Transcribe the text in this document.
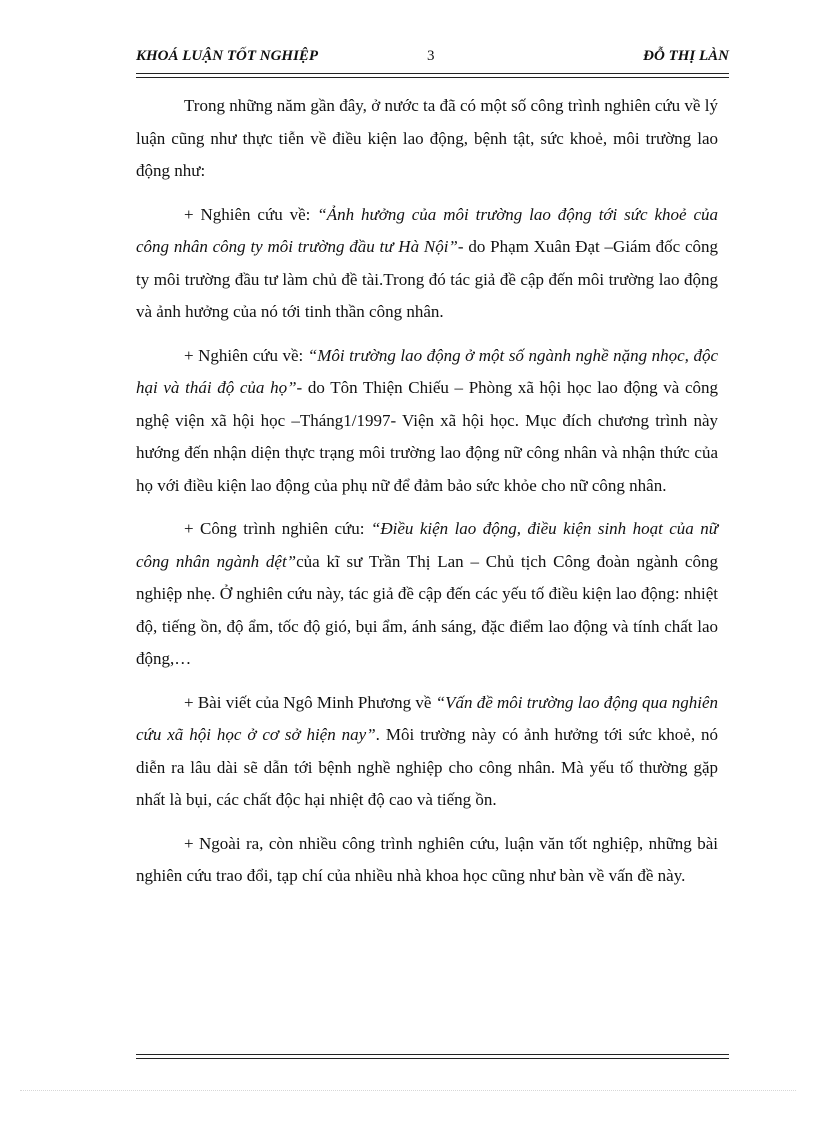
KHOÁ LUẬN TỐT NGHIỆP	3	ĐỖ THỊ LÀN

Trong những năm gần đây, ở nước ta đã có một số công trình nghiên cứu về lý luận cũng như thực tiễn về điều kiện lao động, bệnh tật, sức khoẻ, môi trường lao động như:

+ Nghiên cứu về: “Ảnh hưởng của môi trường lao động tới sức khoẻ của công nhân công ty môi trường đầu tư Hà Nội”- do Phạm Xuân Đạt –Giám đốc công ty môi trường đầu tư làm chủ đề tài.Trong đó tác giả đề cập đến môi trường lao động và ảnh hưởng của nó tới tinh thần công nhân.

+ Nghiên cứu về: “Môi trường lao động ở một số ngành nghề nặng nhọc, độc hại và thái độ của họ”- do Tôn Thiện Chiếu – Phòng xã hội học lao động và công nghệ viện xã hội học –Tháng1/1997- Viện xã hội học. Mục đích chương trình này hướng đến nhận diện thực trạng môi trường lao động nữ công nhân và nhận thức của họ với điều kiện lao động của phụ nữ để đảm bảo sức khỏe cho nữ công nhân.

+ Công trình nghiên cứu: “Điều kiện lao động, điều kiện sinh hoạt của nữ công nhân ngành dệt”của kĩ sư Trần Thị Lan – Chủ tịch Công đoàn ngành công nghiệp nhẹ. Ở nghiên cứu này, tác giả đề cập đến các yếu tố điều kiện lao động: nhiệt độ, tiếng ồn, độ ẩm, tốc độ gió, bụi ẩm, ánh sáng, đặc điểm lao động và tính chất lao động,…

+ Bài viết của Ngô Minh Phương về “Vấn đề môi trường lao động qua nghiên cứu xã hội học ở cơ sở hiện nay”. Môi trường này có ảnh hưởng tới sức khoẻ, nó diễn ra lâu dài sẽ dẫn tới bệnh nghề nghiệp cho công nhân. Mà yếu tố thường gặp nhất là bụi, các chất độc hại nhiệt độ cao và tiếng ồn.

+ Ngoài ra, còn nhiều công trình nghiên cứu, luận văn tốt nghiệp, những bài nghiên cứu trao đổi, tạp chí của nhiều nhà khoa học cũng như bàn về vấn đề này.
